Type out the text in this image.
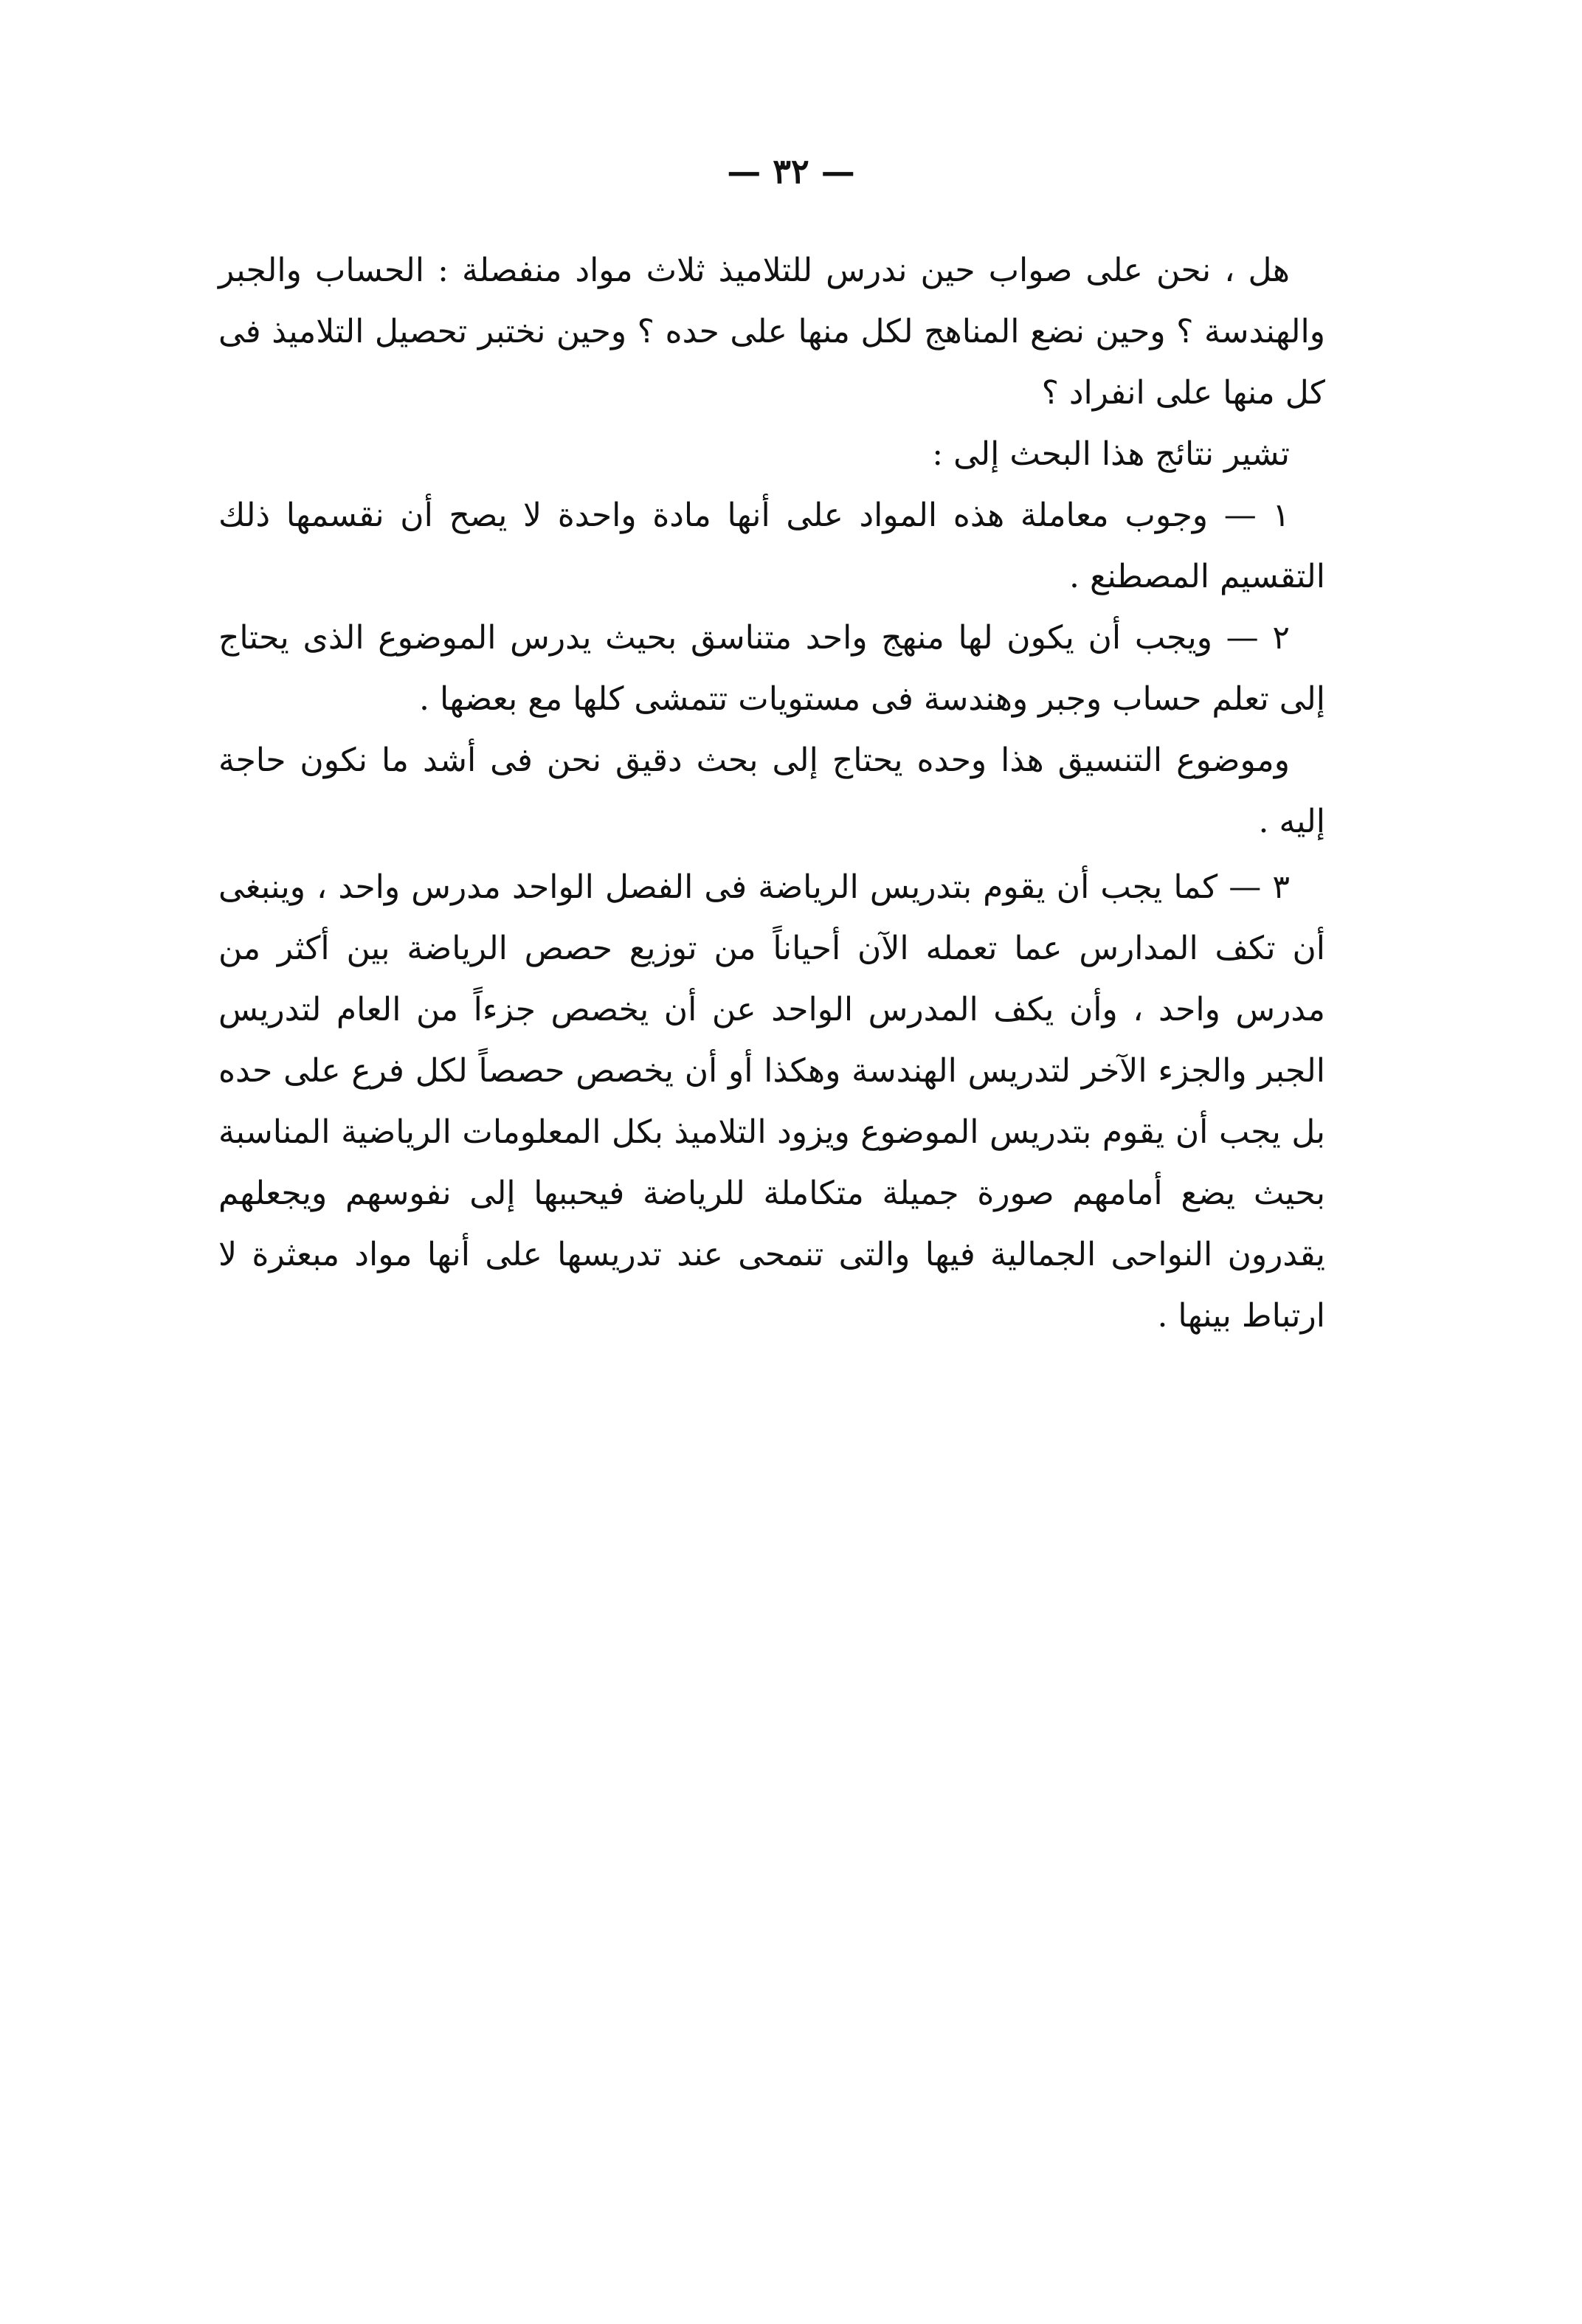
— ٣٢ —

هل ، نحن على صواب حين ندرس للتلاميذ ثلاث مواد منفصلة : الحساب والجبر والهندسة ؟ وحين نضع المناهج لكل منها على حده ؟ وحين نختبر تحصيل التلاميذ فى كل منها على انفراد ؟

تشير نتائج هذا البحث إلى :

١ — وجوب معاملة هذه المواد على أنها مادة واحدة لا يصح أن نقسمها ذلك التقسيم المصطنع .

٢ — ويجب أن يكون لها منهج واحد متناسق بحيث يدرس الموضوع الذى يحتاج إلى تعلم حساب وجبر وهندسة فى مستويات تتمشى كلها مع بعضها .

وموضوع التنسيق هذا وحده يحتاج إلى بحث دقيق نحن فى أشد ما نكون حاجة إليه .

٣ — كما يجب أن يقوم بتدريس الرياضة فى الفصل الواحد مدرس واحد ، وينبغى أن تكف المدارس عما تعمله الآن أحياناً من توزيع حصص الرياضة بين أكثر من مدرس واحد ، وأن يكف المدرس الواحد عن أن يخصص جزءاً من العام لتدريس الجبر والجزء الآخر لتدريس الهندسة وهكذا أو أن يخصص حصصاً لكل فرع على حده بل يجب أن يقوم بتدريس الموضوع ويزود التلاميذ بكل المعلومات الرياضية المناسبة بحيث يضع أمامهم صورة جميلة متكاملة للرياضة فيحببها إلى نفوسهم ويجعلهم يقدرون النواحى الجمالية فيها والتى تنمحى عند تدريسها على أنها مواد مبعثرة لا ارتباط بينها .
